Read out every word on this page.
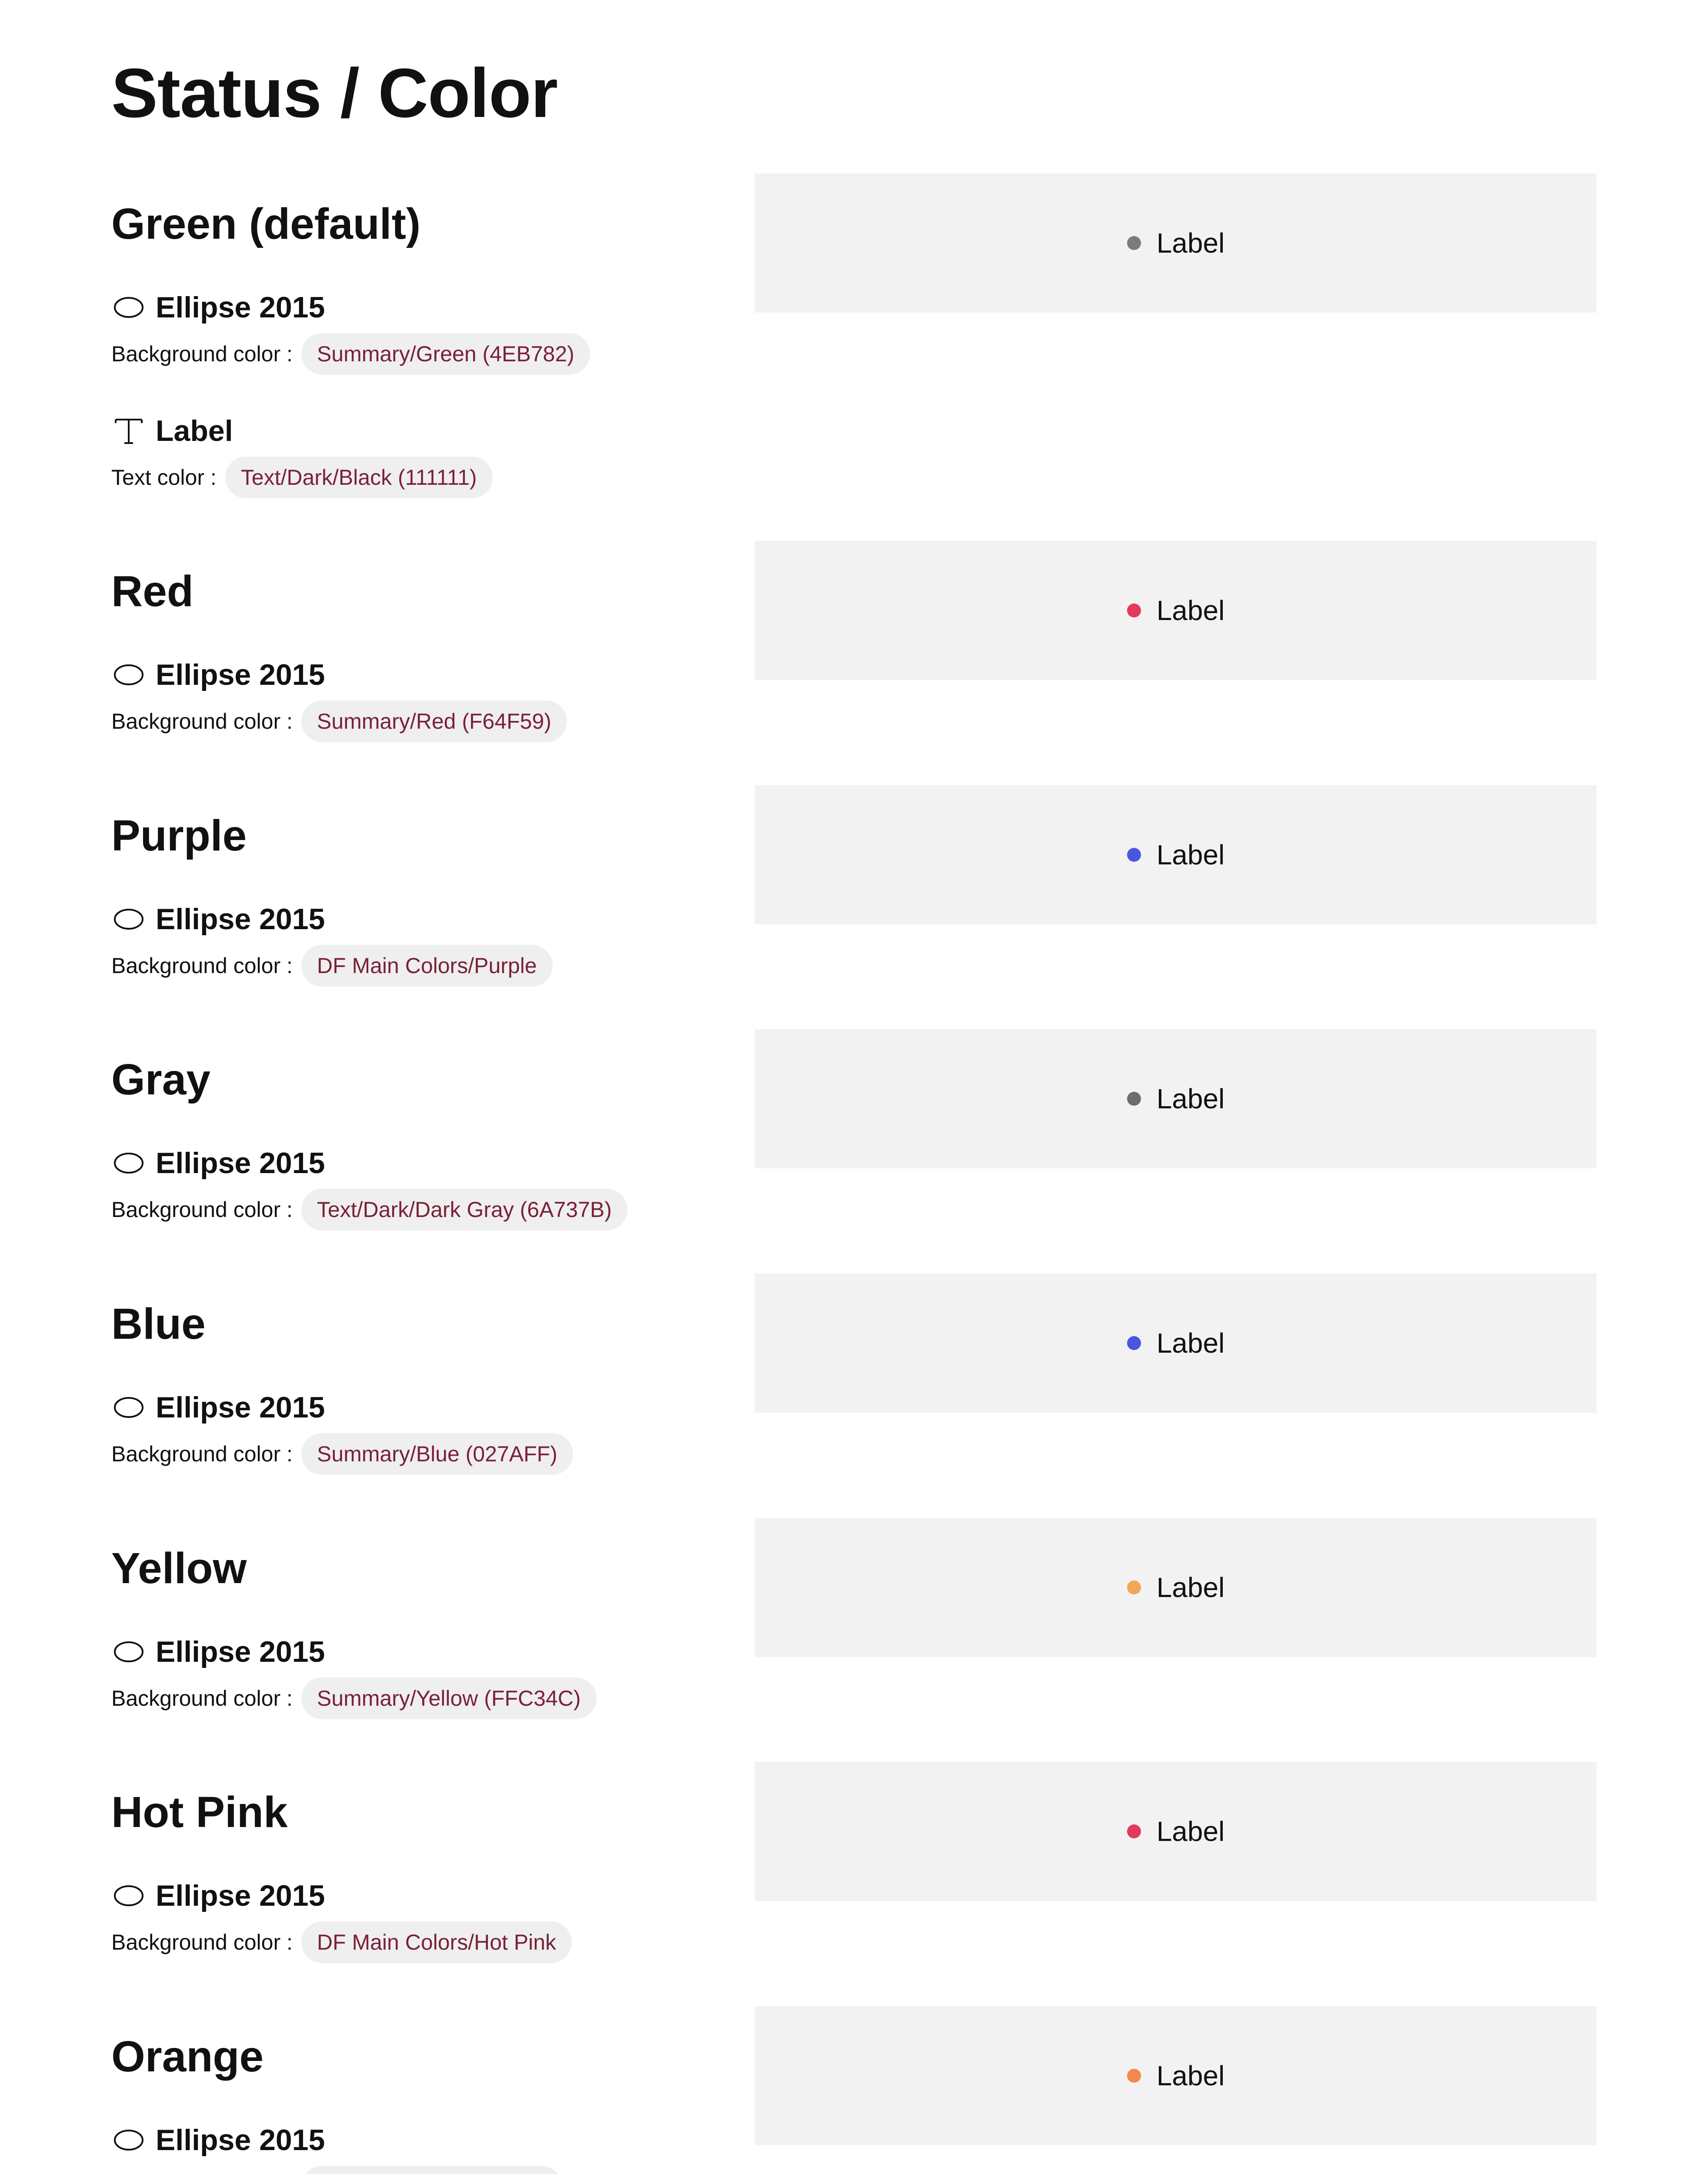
Status / Color
Green (default)
Ellipse 2015
Background color :	Summary/Green (4EB782)
Label
Text color :	Text/Dark/Black (111111)
Label
Red
Ellipse 2015
Background color :	Summary/Red (F64F59)
Label
Purple
Ellipse 2015
Background color :	DF Main Colors/Purple
Label
Gray
Ellipse 2015
Background color :	Text/Dark/Dark Gray (6A737B)
Label
Blue
Ellipse 2015
Background color :	Summary/Blue (027AFF)
Label
Yellow
Ellipse 2015
Background color :	Summary/Yellow (FFC34C)
Label
Hot Pink
Ellipse 2015
Background color :	DF Main Colors/Hot Pink
Label
Orange
Ellipse 2015
Label
